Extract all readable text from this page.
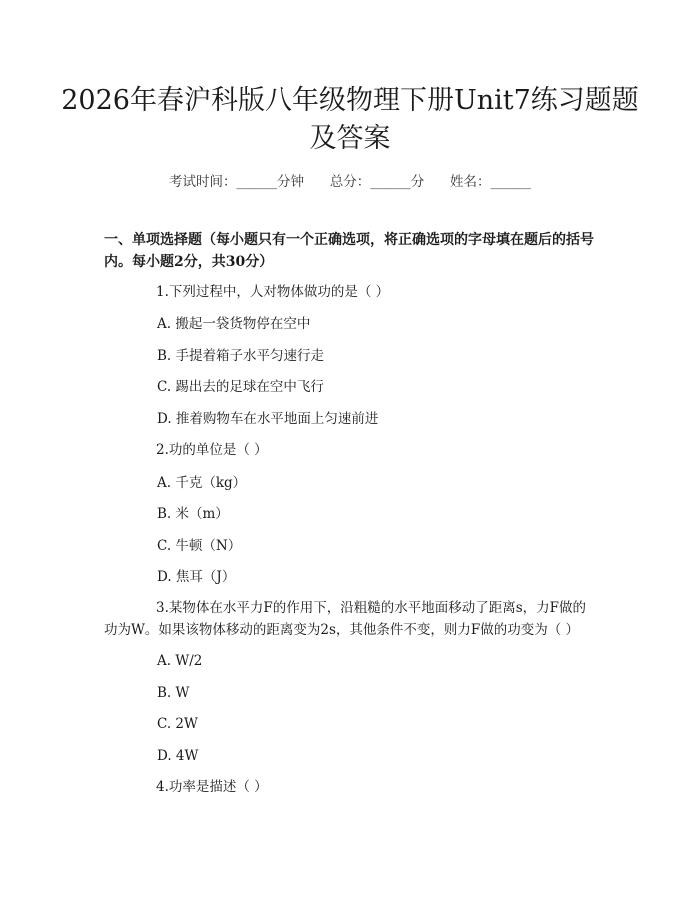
2026年春沪科版八年级物理下册Unit7练习题题及答案
考试时间：______分钟      总分：______分      姓名：______

一、单项选择题（每小题只有一个正确选项，将正确选项的字母填在题后的括号内。每小题2分，共30分）

1.下列过程中，人对物体做功的是（ ）

A. 搬起一袋货物停在空中

B. 手提着箱子水平匀速行走

C. 踢出去的足球在空中飞行

D. 推着购物车在水平地面上匀速前进

2.功的单位是（ ）

A. 千克（kg）

B. 米（m）

C. 牛顿（N）

D. 焦耳（J）

3.某物体在水平力F的作用下，沿粗糙的水平地面移动了距离s，力F做的功为W。如果该物体移动的距离变为2s，其他条件不变，则力F做的功变为（ ）

A. W/2

B. W

C. 2W

D. 4W

4.功率是描述（ ）
